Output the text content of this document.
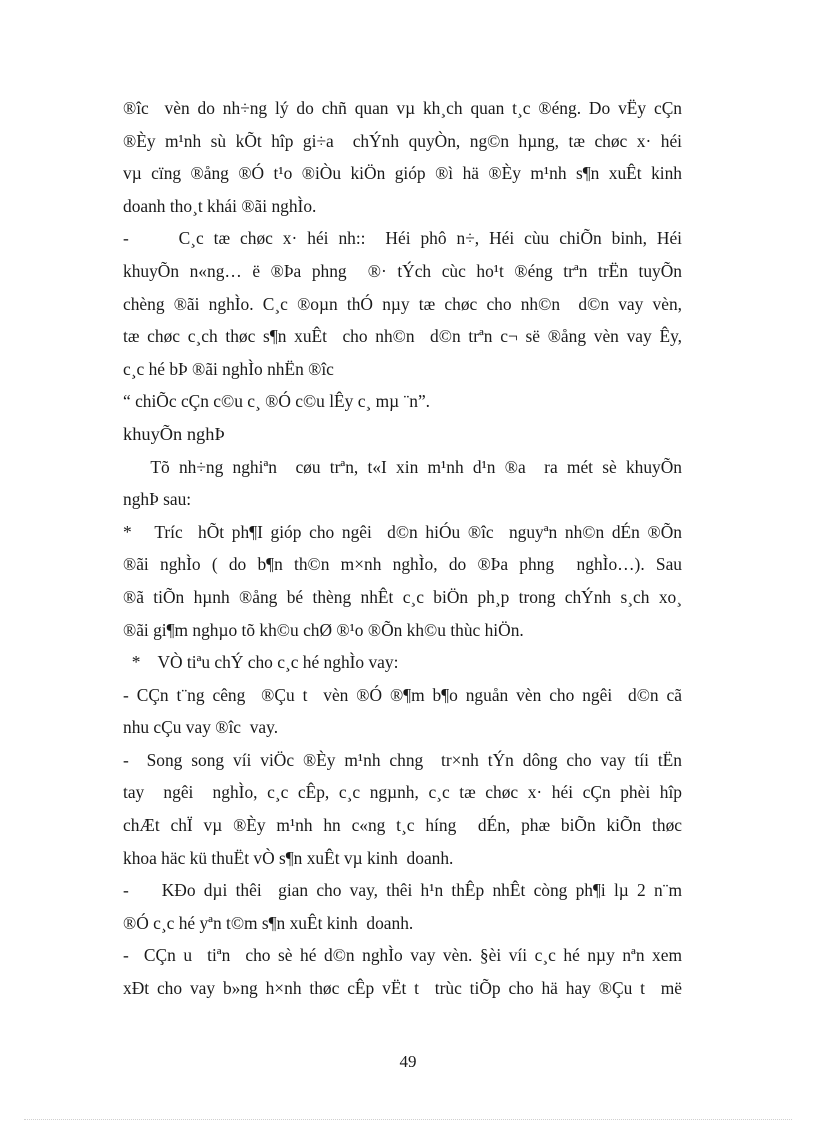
®îc  vèn do nh÷ng lý do chñ quan vµ kh¸ch quan t¸c ®éng. Do vËy cÇn
®Èy m¹nh sù kÕt hîp gi÷a  chÝnh quyÒn, ng©n hµng, tæ chøc x· héi
vµ cïng ®ång ®Ó t¹o ®iÒu kiÖn gióp ®ì hä ®Èy m¹nh s¶n xuÊt kinh
doanh tho¸t khái ®ãi nghÌo.
-     C¸c tæ chøc x· héi nh::  Héi phô n÷, Héi cùu chiÕn binh, Héi
khuyÕn n«ng… ë ®Þa phng  ®· tÝch cùc ho¹t ®éng trªn trËn tuyÕn
chèng ®ãi nghÌo. C¸c ®oµn thÓ nµy tæ chøc cho nh©n  d©n vay vèn,
tæ chøc c¸ch thøc s¶n xuÊt  cho nh©n  d©n trªn c¬ së ®ång vèn vay Êy,
c¸c hé bÞ ®ãi nghÌo nhËn ®îc
“ chiÕc cÇn c©u c¸ ®Ó c©u lÊy c¸ mµ ¨n”.
khuyÕn nghÞ
Tõ nh÷ng nghiªn  cøu trªn, t«I xin m¹nh d¹n ®a  ra mét sè khuyÕn
nghÞ sau:
*   Tríc  hÕt ph¶I gióp cho ngêi  d©n hiÓu ®îc  nguyªn nh©n dÉn ®Õn
®ãi nghÌo ( do b¶n th©n m×nh nghÌo, do ®Þa phng  nghÌo…). Sau
®ã tiÕn hµnh ®ång bé thèng nhÊt c¸c biÖn ph¸p trong chÝnh s¸ch xo¸
®ãi gi¶m nghµo tõ kh©u chØ ®¹o ®Õn kh©u thùc hiÖn.
*    VÒ tiªu chÝ cho c¸c hé nghÌo vay:
- CÇn t¨ng cêng  ®Çu t  vèn ®Ó ®¶m b¶o nguån vèn cho ngêi  d©n cã
nhu cÇu vay ®îc  vay.
-  Song song víi viÖc ®Èy m¹nh chng  tr×nh tÝn dông cho vay tíi tËn
tay  ngêi  nghÌo, c¸c cÊp, c¸c ngµnh, c¸c tæ chøc x· héi cÇn phèi hîp
chÆt chÏ vµ ®Èy m¹nh hn c«ng t¸c híng  dÉn, phæ biÕn kiÕn thøc
khoa häc kü thuËt vÒ s¶n xuÊt vµ kinh  doanh.
-    KÐo dµi thêi  gian cho vay, thêi h¹n thÊp nhÊt còng ph¶i lµ 2 n¨m
®Ó c¸c hé yªn t©m s¶n xuÊt kinh  doanh.
-  CÇn u  tiªn  cho sè hé d©n nghÌo vay vèn. §èi víi c¸c hé nµy nªn xem
xÐt cho vay b»ng h×nh thøc cÊp vËt t  trùc tiÕp cho hä hay ®Çu t  më
49
